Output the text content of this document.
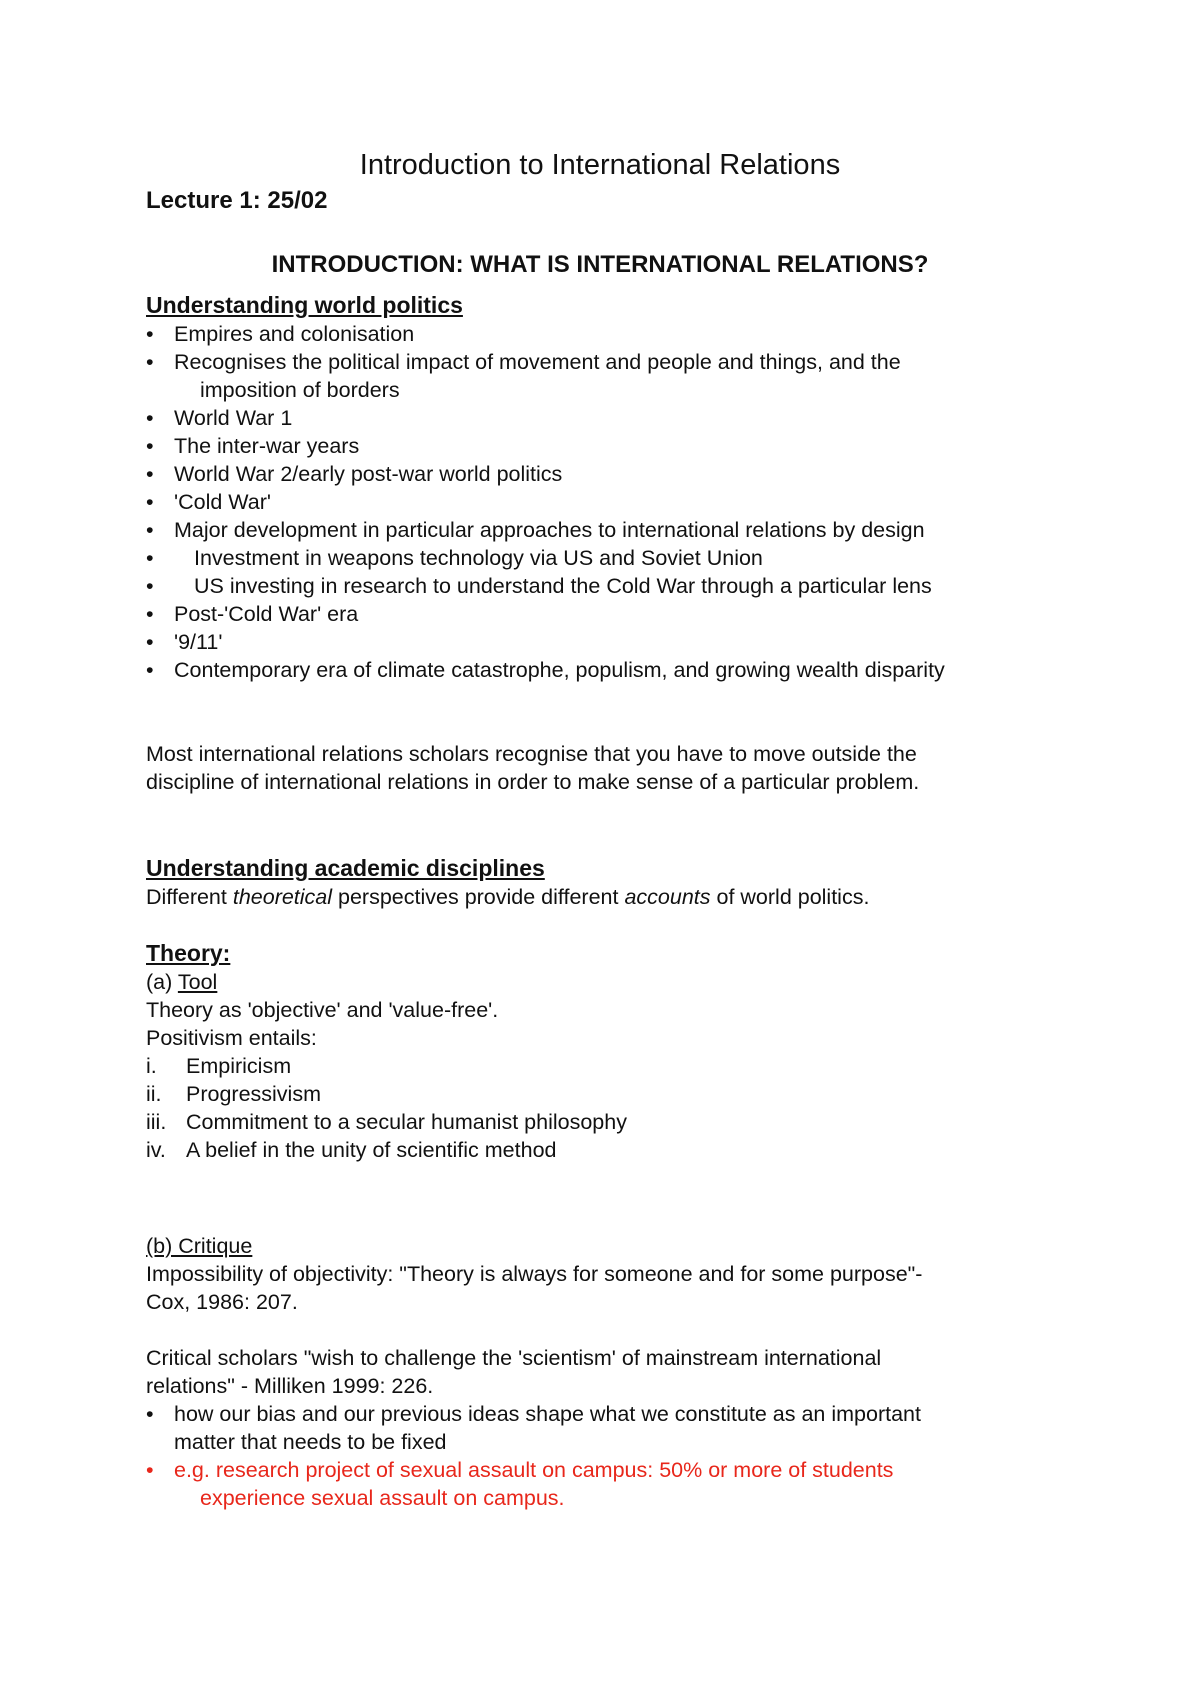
Introduction to International Relations
Lecture 1: 25/02
INTRODUCTION: WHAT IS INTERNATIONAL RELATIONS?
Understanding world politics
• Empires and colonisation
• Recognises the political impact of movement and people and things, and the
imposition of borders
• World War 1
• The inter-war years
• World War 2/early post-war world politics
• 'Cold War'
• Major development in particular approaches to international relations by design
• Investment in weapons technology via US and Soviet Union
• US investing in research to understand the Cold War through a particular lens
• Post-'Cold War' era
• '9/11'
• Contemporary era of climate catastrophe, populism, and growing wealth disparity

Most international relations scholars recognise that you have to move outside the

discipline of international relations in order to make sense of a particular problem.

Understanding academic disciplines

Different theoretical perspectives provide different accounts of world politics.

Theory:

(a) Tool

Theory as 'objective' and 'value-free'.

Positivism entails:

i. Empiricism
ii. Progressivism
iii. Commitment to a secular humanist philosophy
iv. A belief in the unity of scientific method

(b) Critique

Impossibility of objectivity: "Theory is always for someone and for some purpose"-

Cox, 1986: 207.

Critical scholars "wish to challenge the 'scientism' of mainstream international

relations" - Milliken 1999: 226.

• how our bias and our previous ideas shape what we constitute as an important
matter that needs to be fixed
• e.g. research project of sexual assault on campus: 50% or more of students
experience sexual assault on campus.
